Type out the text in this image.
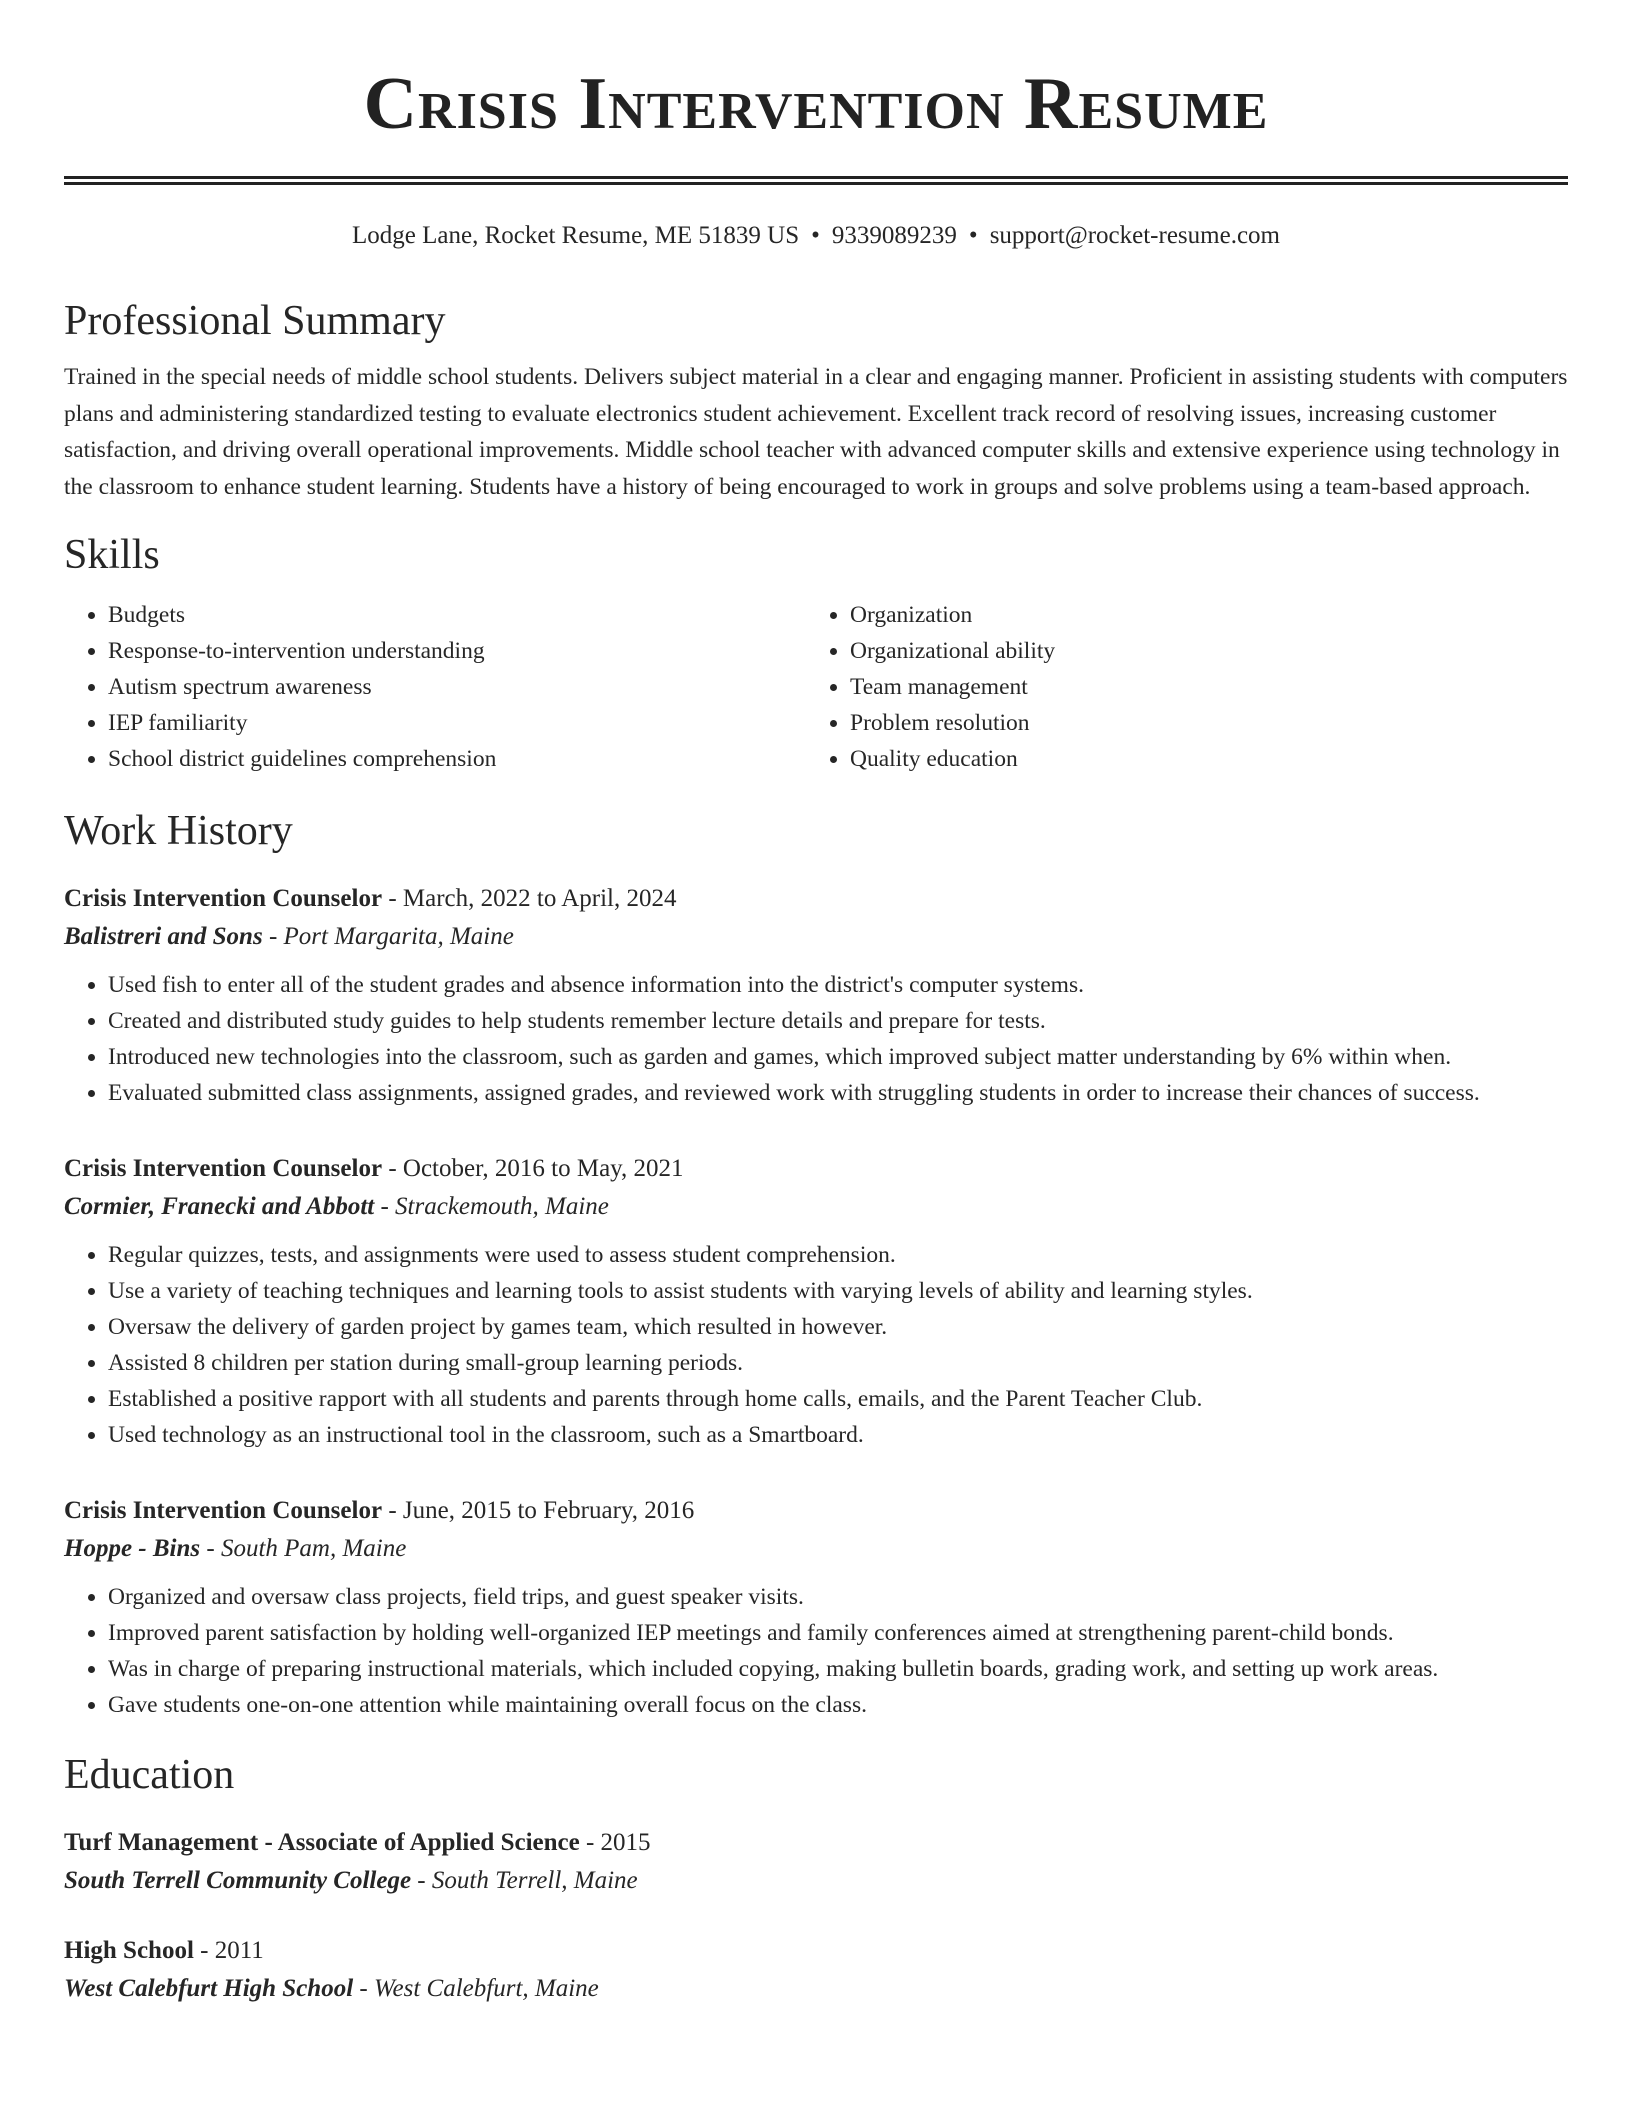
Crisis Intervention Resume
Lodge Lane, Rocket Resume, ME 51839 US • 9339089239 • support@rocket-resume.com
Professional Summary

Trained in the special needs of middle school students. Delivers subject material in a clear and engaging manner. Proficient in assisting students with computers plans and administering standardized testing to evaluate electronics student achievement. Excellent track record of resolving issues, increasing customer satisfaction, and driving overall operational improvements. Middle school teacher with advanced computer skills and extensive experience using technology in the classroom to enhance student learning. Students have a history of being encouraged to work in groups and solve problems using a team-based approach.

Skills
• Budgets
• Response-to-intervention understanding
• Autism spectrum awareness
• IEP familiarity
• School district guidelines comprehension
• Organization
• Organizational ability
• Team management
• Problem resolution
• Quality education
Work History
Crisis Intervention Counselor - March, 2022 to April, 2024
Balistreri and Sons - Port Margarita, Maine
• Used fish to enter all of the student grades and absence information into the district's computer systems.
• Created and distributed study guides to help students remember lecture details and prepare for tests.
• Introduced new technologies into the classroom, such as garden and games, which improved subject matter understanding by 6% within when.
• Evaluated submitted class assignments, assigned grades, and reviewed work with struggling students in order to increase their chances of success.
Crisis Intervention Counselor - October, 2016 to May, 2021
Cormier, Franecki and Abbott - Strackemouth, Maine
• Regular quizzes, tests, and assignments were used to assess student comprehension.
• Use a variety of teaching techniques and learning tools to assist students with varying levels of ability and learning styles.
• Oversaw the delivery of garden project by games team, which resulted in however.
• Assisted 8 children per station during small-group learning periods.
• Established a positive rapport with all students and parents through home calls, emails, and the Parent Teacher Club.
• Used technology as an instructional tool in the classroom, such as a Smartboard.
Crisis Intervention Counselor - June, 2015 to February, 2016
Hoppe - Bins - South Pam, Maine
• Organized and oversaw class projects, field trips, and guest speaker visits.
• Improved parent satisfaction by holding well-organized IEP meetings and family conferences aimed at strengthening parent-child bonds.
• Was in charge of preparing instructional materials, which included copying, making bulletin boards, grading work, and setting up work areas.
• Gave students one-on-one attention while maintaining overall focus on the class.
Education
Turf Management - Associate of Applied Science - 2015
South Terrell Community College - South Terrell, Maine
High School - 2011
West Calebfurt High School - West Calebfurt, Maine
